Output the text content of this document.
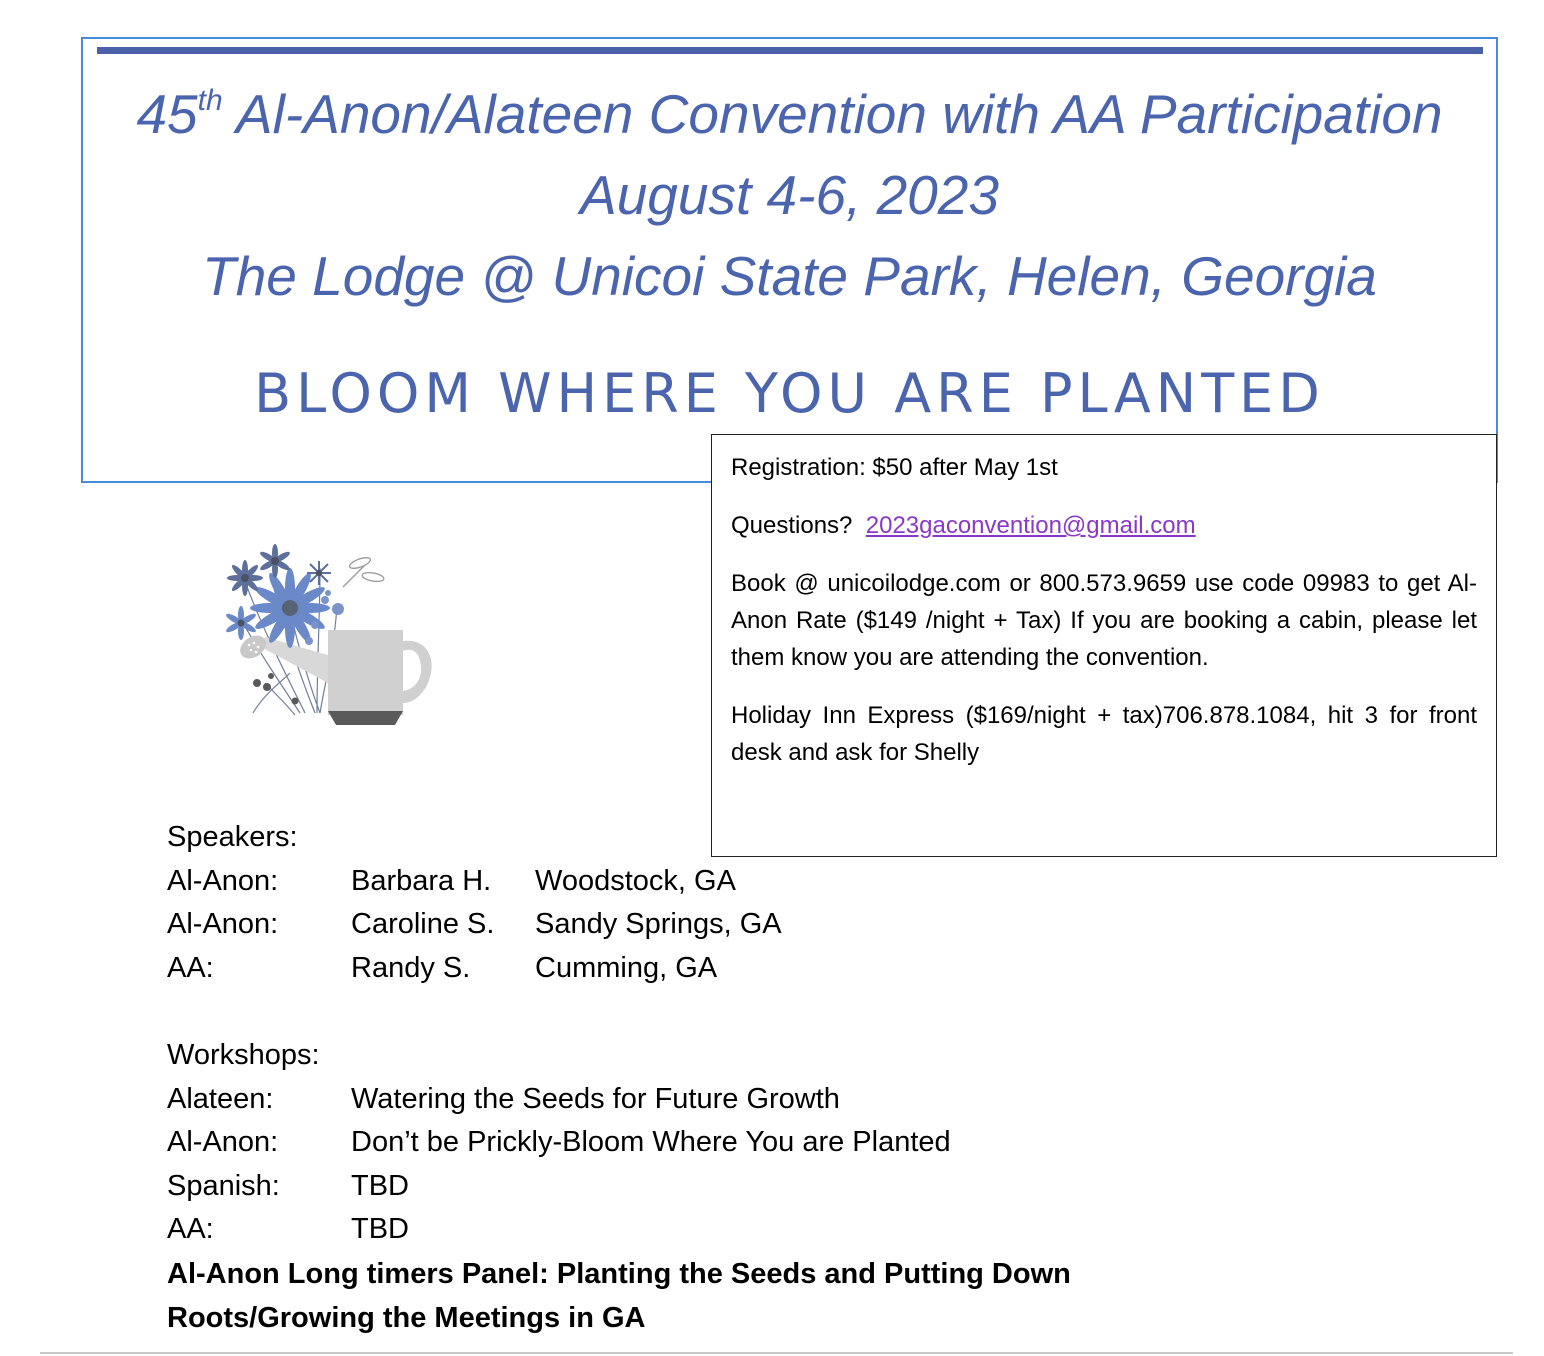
45th Al-Anon/Alateen Convention with AA Participation
August 4-6, 2023
The Lodge @ Unicoi State Park, Helen, Georgia
BLOOM WHERE YOU ARE PLANTED

Registration: $50 after May 1st

Questions? 2023gaconvention@gmail.com

Book @ unicoilodge.com or 800.573.9659 use code 09983 to get Al-Anon Rate ($149 /night + Tax) If you are booking a cabin, please let them know you are attending the convention.

Holiday Inn Express ($169/night + tax)706.878.1084, hit 3 for front desk and ask for Shelly

Speakers:
Al-Anon:	Barbara H.	Woodstock, GA
Al-Anon:	Caroline S.	Sandy Springs, GA
AA:	Randy S.	Cumming, GA
Workshops:
Alateen:	Watering the Seeds for Future Growth
Al-Anon:	Don’t be Prickly-Bloom Where You are Planted
Spanish:	TBD
AA:	TBD
Al-Anon Long timers Panel: Planting the Seeds and Putting Down
Roots/Growing the Meetings in GA
